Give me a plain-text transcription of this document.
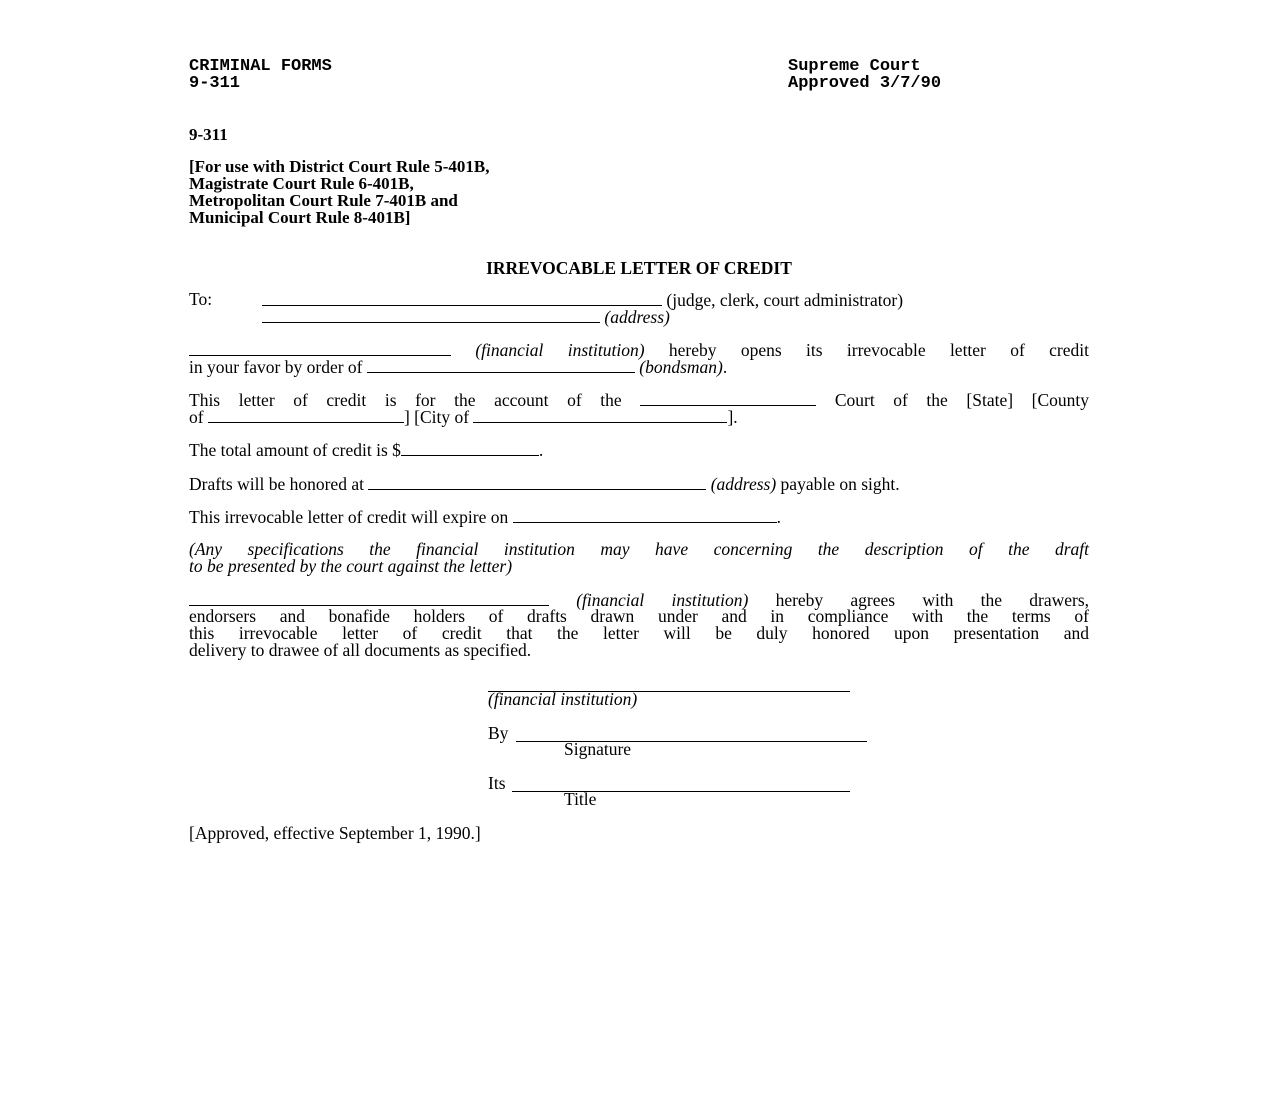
CRIMINAL FORMS
9-311
Supreme Court
Approved 3/7/90
9-311
[For use with District Court Rule 5-401B,
Magistrate Court Rule 6-401B,
Metropolitan Court Rule 7-401B and
Municipal Court Rule 8-401B]
IRREVOCABLE LETTER OF CREDIT
To:	(judge, clerk, court administrator)
(address)
(financial institution) hereby opens its irrevocable letter of credit
in your favor by order of	(bondsman).
This letter of credit is for the account of the	Court of the [State] [County
of	] [City of	].
The total amount of credit is $	.
Drafts will be honored at	(address) payable on sight.
This irrevocable letter of credit will expire on	.
(Any specifications the financial institution may have concerning the description of the draft
to be presented by the court against the letter)
(financial institution) hereby agrees with the drawers,
endorsers and bonafide holders of drafts drawn under and in compliance with the terms of
this irrevocable letter of credit that the letter will be duly honored upon presentation and
delivery to drawee of all documents as specified.
(financial institution)
By
Signature
Its
Title
[Approved, effective September 1, 1990.]
